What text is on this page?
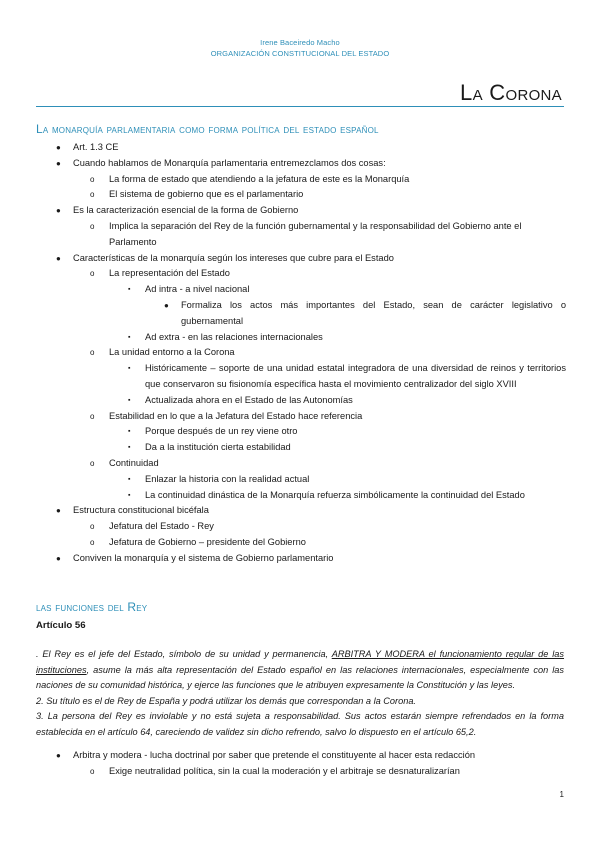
Irene Baceiredo Macho
ORGANIZACIÓN CONSTITUCIONAL DEL ESTADO
La Corona
La monarquía parlamentaria como forma política del estado español
● Art. 1.3 CE
● Cuando hablamos de Monarquía parlamentaria entremezclamos dos cosas:
o La forma de estado que atendiendo a la jefatura de este es la Monarquía
o El sistema de gobierno que es el parlamentario
● Es la caracterización esencial de la forma de Gobierno
o Implica la separación del Rey de la función gubernamental y la responsabilidad del Gobierno ante el Parlamento
● Características de la monarquía según los intereses que cubre para el Estado
o La representación del Estado
▪ Ad intra - a nivel nacional
● Formaliza los actos más importantes del Estado, sean de carácter legislativo o gubernamental
▪ Ad extra - en las relaciones internacionales
o La unidad entorno a la Corona
▪ Históricamente – soporte de una unidad estatal integradora de una diversidad de reinos y territorios que conservaron su fisionomía específica hasta el movimiento centralizador del siglo XVIII
▪ Actualizada ahora en el Estado de las Autonomías
o Estabilidad en lo que a la Jefatura del Estado hace referencia
▪ Porque después de un rey viene otro
▪ Da a la institución cierta estabilidad
o Continuidad
▪ Enlazar la historia con la realidad actual
▪ La continuidad dinástica de la Monarquía refuerza simbólicamente la continuidad del Estado
● Estructura constitucional bicéfala
o Jefatura del Estado - Rey
o Jefatura de Gobierno – presidente del Gobierno
● Conviven la monarquía y el sistema de Gobierno parlamentario
las funciones del Rey
Artículo 56
. El Rey es el jefe del Estado, símbolo de su unidad y permanencia, ARBITRA Y MODERA el funcionamiento regular de las instituciones, asume la más alta representación del Estado español en las relaciones internacionales, especialmente con las naciones de su comunidad histórica, y ejerce las funciones que le atribuyen expresamente la Constitución y las leyes.
2. Su título es el de Rey de España y podrá utilizar los demás que correspondan a la Corona.
3. La persona del Rey es inviolable y no está sujeta a responsabilidad. Sus actos estarán siempre refrendados en la forma establecida en el artículo 64, careciendo de validez sin dicho refrendo, salvo lo dispuesto en el artículo 65,2.
● Arbitra y modera - lucha doctrinal por saber que pretende el constituyente al hacer esta redacción
o Exige neutralidad política, sin la cual la moderación y el arbitraje se desnaturalizarían
1
